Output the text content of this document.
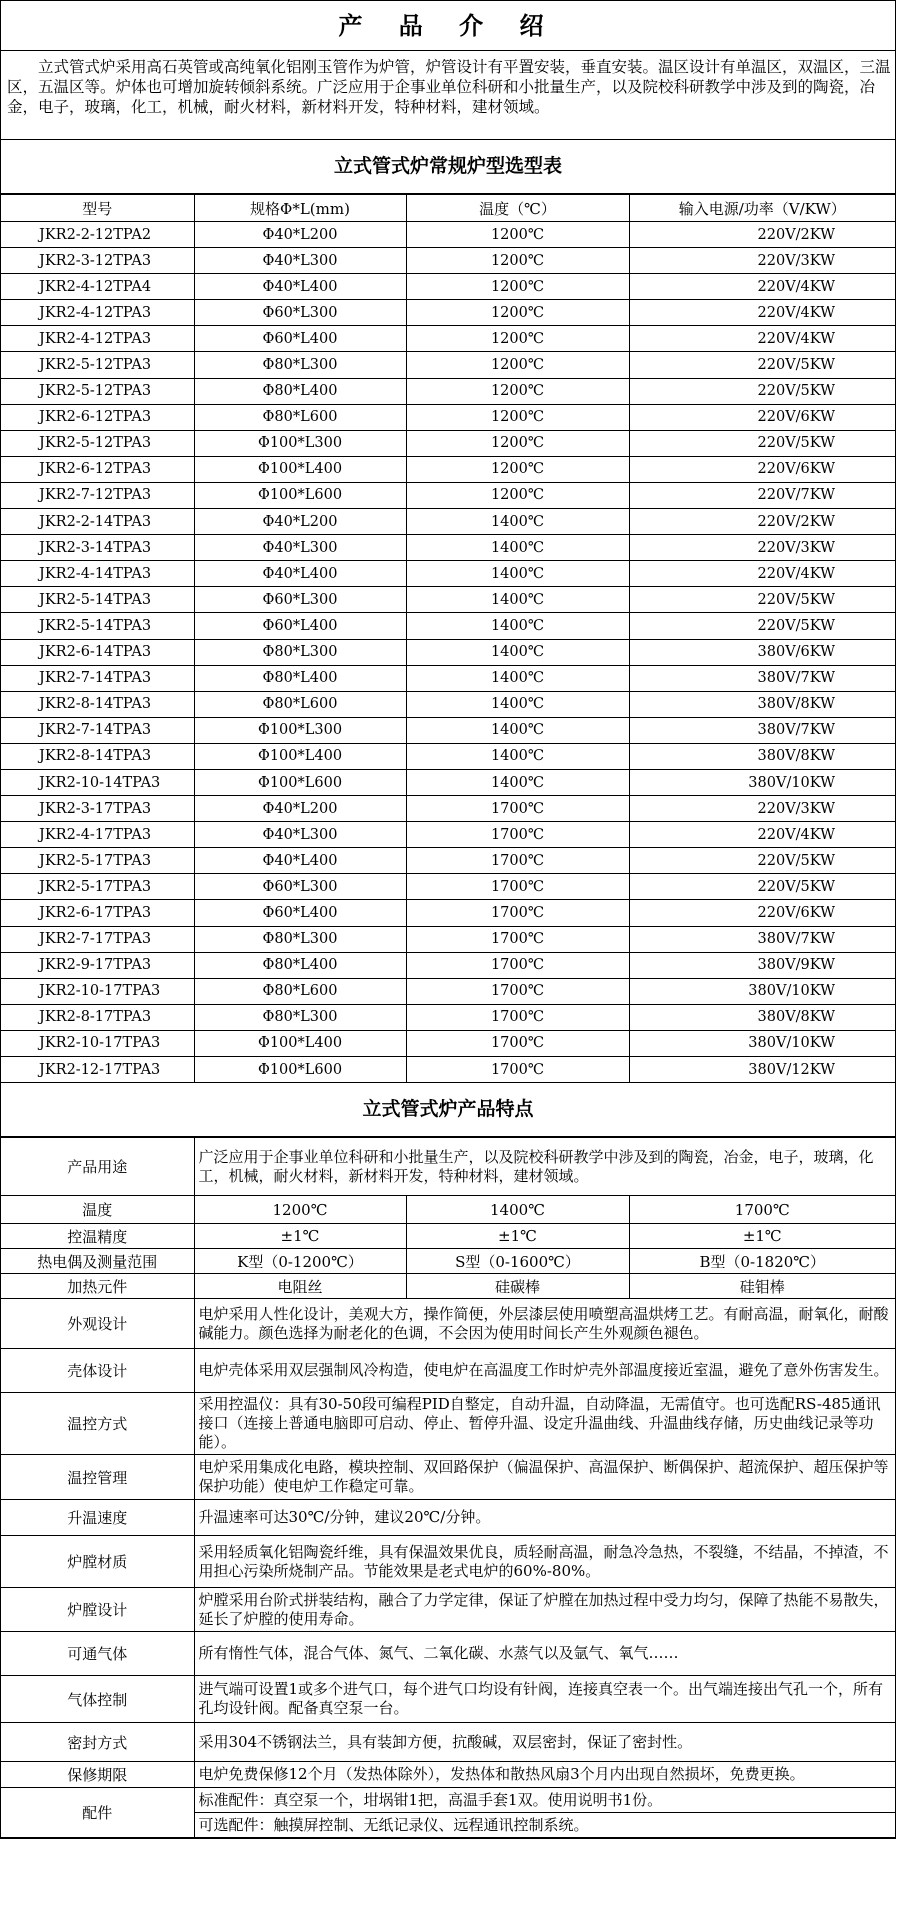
产 品 介 绍
立式管式炉采用高石英管或高纯氧化铝刚玉管作为炉管，炉管设计有平置安装，垂直安装。温区设计有单温区，双温区，三温区，五温区等。炉体也可增加旋转倾斜系统。广泛应用于企事业单位科研和小批量生产，以及院校科研教学中涉及到的陶瓷，冶金，电子，玻璃，化工，机械，耐火材料，新材料开发，特种材料，建材领域。
立式管式炉常规炉型选型表
型号	规格Φ*L(mm)	温度（℃）	输入电源/功率（V/KW）
JKR2-2-12TPA2	Φ40*L200	1200℃	220V/2KW
JKR2-3-12TPA3	Φ40*L300	1200℃	220V/3KW
JKR2-4-12TPA4	Φ40*L400	1200℃	220V/4KW
JKR2-4-12TPA3	Φ60*L300	1200℃	220V/4KW
JKR2-4-12TPA3	Φ60*L400	1200℃	220V/4KW
JKR2-5-12TPA3	Φ80*L300	1200℃	220V/5KW
JKR2-5-12TPA3	Φ80*L400	1200℃	220V/5KW
JKR2-6-12TPA3	Φ80*L600	1200℃	220V/6KW
JKR2-5-12TPA3	Φ100*L300	1200℃	220V/5KW
JKR2-6-12TPA3	Φ100*L400	1200℃	220V/6KW
JKR2-7-12TPA3	Φ100*L600	1200℃	220V/7KW
JKR2-2-14TPA3	Φ40*L200	1400℃	220V/2KW
JKR2-3-14TPA3	Φ40*L300	1400℃	220V/3KW
JKR2-4-14TPA3	Φ40*L400	1400℃	220V/4KW
JKR2-5-14TPA3	Φ60*L300	1400℃	220V/5KW
JKR2-5-14TPA3	Φ60*L400	1400℃	220V/5KW
JKR2-6-14TPA3	Φ80*L300	1400℃	380V/6KW
JKR2-7-14TPA3	Φ80*L400	1400℃	380V/7KW
JKR2-8-14TPA3	Φ80*L600	1400℃	380V/8KW
JKR2-7-14TPA3	Φ100*L300	1400℃	380V/7KW
JKR2-8-14TPA3	Φ100*L400	1400℃	380V/8KW
JKR2-10-14TPA3	Φ100*L600	1400℃	380V/10KW
JKR2-3-17TPA3	Φ40*L200	1700℃	220V/3KW
JKR2-4-17TPA3	Φ40*L300	1700℃	220V/4KW
JKR2-5-17TPA3	Φ40*L400	1700℃	220V/5KW
JKR2-5-17TPA3	Φ60*L300	1700℃	220V/5KW
JKR2-6-17TPA3	Φ60*L400	1700℃	220V/6KW
JKR2-7-17TPA3	Φ80*L300	1700℃	380V/7KW
JKR2-9-17TPA3	Φ80*L400	1700℃	380V/9KW
JKR2-10-17TPA3	Φ80*L600	1700℃	380V/10KW
JKR2-8-17TPA3	Φ80*L300	1700℃	380V/8KW
JKR2-10-17TPA3	Φ100*L400	1700℃	380V/10KW
JKR2-12-17TPA3	Φ100*L600	1700℃	380V/12KW
立式管式炉产品特点
产品用途	广泛应用于企事业单位科研和小批量生产，以及院校科研教学中涉及到的陶瓷，冶金，电子，玻璃，化工，机械，耐火材料，新材料开发，特种材料，建材领域。		
温度	1200℃	1400℃	1700℃
控温精度	±1℃	±1℃	±1℃
热电偶及测量范围	K型（0-1200℃）	S型（0-1600℃）	B型（0-1820℃）
加热元件	电阻丝	硅碳棒	硅钼棒
外观设计	电炉采用人性化设计，美观大方，操作简便，外层漆层使用喷塑高温烘烤工艺。有耐高温，耐氧化，耐酸碱能力。颜色选择为耐老化的色调，不会因为使用时间长产生外观颜色褪色。		
壳体设计	电炉壳体采用双层强制风冷构造，使电炉在高温度工作时炉壳外部温度接近室温，避免了意外伤害发生。		
温控方式	采用控温仪：具有30-50段可编程PID自整定，自动升温，自动降温，无需值守。也可选配RS-485通讯接口（连接上普通电脑即可启动、停止、暂停升温、设定升温曲线、升温曲线存储，历史曲线记录等功能）。		
温控管理	电炉采用集成化电路，模块控制、双回路保护（偏温保护、高温保护、断偶保护、超流保护、超压保护等保护功能）使电炉工作稳定可靠。		
升温速度	升温速率可达30℃/分钟，建议20℃/分钟。		
炉膛材质	采用轻质氧化铝陶瓷纤维，具有保温效果优良，质轻耐高温，耐急冷急热，不裂缝，不结晶，不掉渣，不用担心污染所烧制产品。节能效果是老式电炉的60%-80%。		
炉膛设计	炉膛采用台阶式拼装结构，融合了力学定律，保证了炉膛在加热过程中受力均匀，保障了热能不易散失，延长了炉膛的使用寿命。		
可通气体	所有惰性气体，混合气体、氮气、二氧化碳、水蒸气以及氩气、氧气……		
气体控制	进气端可设置1或多个进气口，每个进气口均设有针阀，连接真空表一个。出气端连接出气孔一个，所有孔均设针阀。配备真空泵一台。		
密封方式	采用304不锈钢法兰，具有装卸方便，抗酸碱，双层密封，保证了密封性。		
保修期限	电炉免费保修12个月（发热体除外），发热体和散热风扇3个月内出现自然损坏，免费更换。		
配件	标准配件：真空泵一个，坩埚钳1把，高温手套1双。使用说明书1份。		
	可选配件：触摸屏控制、无纸记录仪、远程通讯控制系统。		
